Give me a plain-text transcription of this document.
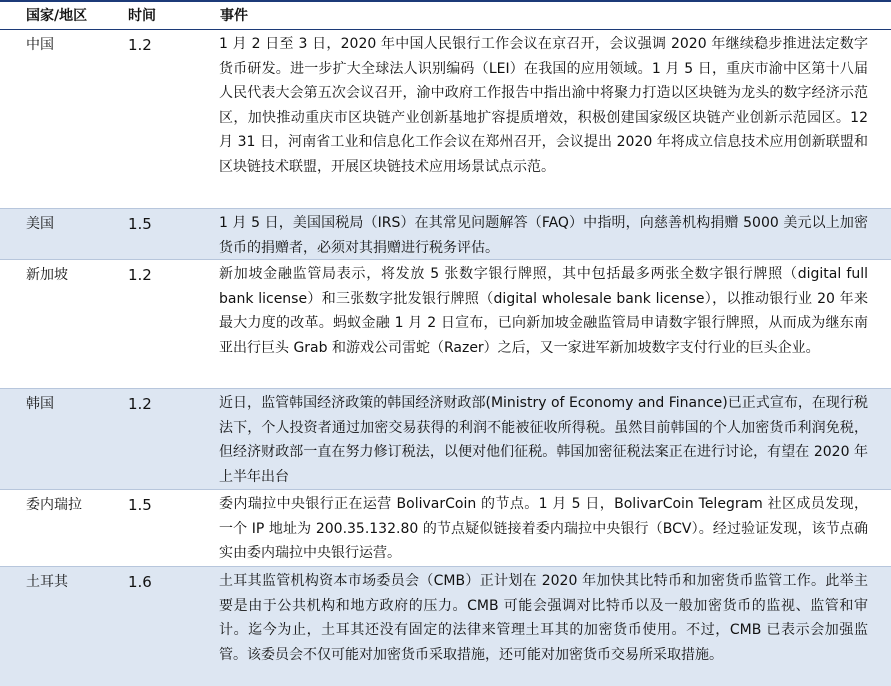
国家/地区	时间	事件
中国	1.2	1 月 2 日至 3 日，2020 年中国人民银行工作会议在京召开，会议强调 2020 年继续稳步推进法定数字货币研发。进一步扩大全球法人识别编码（LEI）在我国的应用领域。1 月 5 日，重庆市渝中区第十八届人民代表大会第五次会议召开，渝中政府工作报告中指出渝中将聚力打造以区块链为龙头的数字经济示范区，加快推动重庆市区块链产业创新基地扩容提质增效，积极创建国家级区块链产业创新示范园区。12 月 31 日，河南省工业和信息化工作会议在郑州召开，会议提出 2020 年将成立信息技术应用创新联盟和区块链技术联盟，开展区块链技术应用场景试点示范。
美国	1.5	1 月 5 日，美国国税局（IRS）在其常见问题解答（FAQ）中指明，向慈善机构捐赠 5000 美元以上加密货币的捐赠者，必须对其捐赠进行税务评估。
新加坡	1.2	新加坡金融监管局表示，将发放 5 张数字银行牌照，其中包括最多两张全数字银行牌照（digital full bank license）和三张数字批发银行牌照（digital wholesale bank license），以推动银行业 20 年来最大力度的改革。蚂蚁金融 1 月 2 日宣布，已向新加坡金融监管局申请数字银行牌照，从而成为继东南亚出行巨头 Grab 和游戏公司雷蛇（Razer）之后，又一家进军新加坡数字支付行业的巨头企业。
韩国	1.2	近日，监管韩国经济政策的韩国经济财政部(Ministry of Economy and Finance)已正式宣布，在现行税法下，个人投资者通过加密交易获得的利润不能被征收所得税。虽然目前韩国的个人加密货币利润免税，但经济财政部一直在努力修订税法，以便对他们征税。韩国加密征税法案正在进行讨论，有望在 2020 年上半年出台
委内瑞拉	1.5	委内瑞拉中央银行正在运营 BolivarCoin 的节点。1 月 5 日，BolivarCoin Telegram 社区成员发现，一个 IP 地址为 200.35.132.80 的节点疑似链接着委内瑞拉中央银行（BCV）。经过验证发现，该节点确实由委内瑞拉中央银行运营。
土耳其	1.6	土耳其监管机构资本市场委员会（CMB）正计划在 2020 年加快其比特币和加密货币监管工作。此举主要是由于公共机构和地方政府的压力。CMB 可能会强调对比特币以及一般加密货币的监视、监管和审计。迄今为止，土耳其还没有固定的法律来管理土耳其的加密货币使用。不过，CMB 已表示会加强监管。该委员会不仅可能对加密货币采取措施，还可能对加密货币交易所采取措施。
